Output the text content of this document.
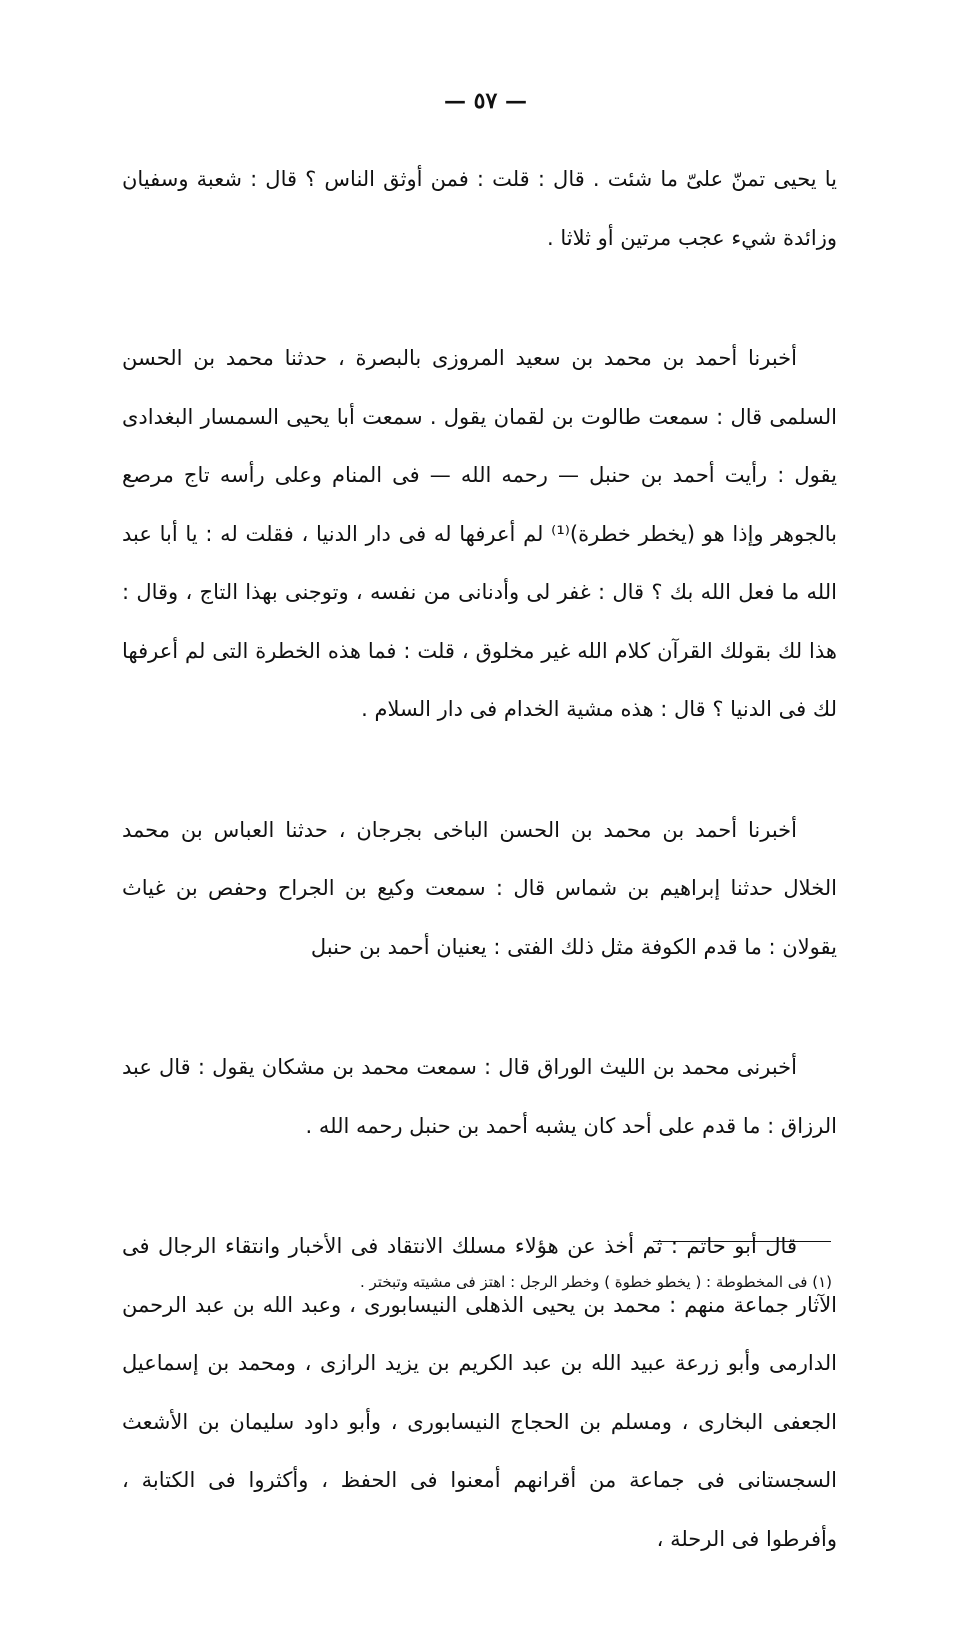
— ٥٧ —

يا يحيى تمنّ علىّ ما شئت . قال : قلت : فمن أوثق الناس ؟ قال : شعبة وسفيان وزائدة شيء عجب مرتين أو ثلاثا .

أخبرنا أحمد بن محمد بن سعيد المروزى بالبصرة ، حدثنا محمد بن الحسن السلمى قال : سمعت طالوت بن لقمان يقول . سمعت أبا يحيى السمسار البغدادى يقول : رأيت أحمد بن حنبل — رحمه الله — فى المنام وعلى رأسه تاج مرصع بالجوهر وإذا هو (يخطر خطرة)⁽¹⁾ لم أعرفها له فى دار الدنيا ، فقلت له : يا أبا عبد الله ما فعل الله بك ؟ قال : غفر لى وأدنانى من نفسه ، وتوجنى بهذا التاج ، وقال : هذا لك بقولك القرآن كلام الله غير مخلوق ، قلت : فما هذه الخطرة التى لم أعرفها لك فى الدنيا ؟ قال : هذه مشية الخدام فى دار السلام .

أخبرنا أحمد بن محمد بن الحسن الباخى بجرجان ، حدثنا العباس بن محمد الخلال حدثنا إبراهيم بن شماس قال : سمعت وكيع بن الجراح وحفص بن غياث يقولان : ما قدم الكوفة مثل ذلك الفتى : يعنيان أحمد بن حنبل

أخبرنى محمد بن الليث الوراق قال : سمعت محمد بن مشكان يقول : قال عبد الرزاق : ما قدم على أحد كان يشبه أحمد بن حنبل رحمه الله .

قال أبو حاتم : ثم أخذ عن هؤلاء مسلك الانتقاد فى الأخبار وانتقاء الرجال فى الآثار جماعة منهم : محمد بن يحيى الذهلى النيسابورى ، وعبد الله بن عبد الرحمن الدارمى وأبو زرعة عبيد الله بن عبد الكريم بن يزيد الرازى ، ومحمد بن إسماعيل الجعفى البخارى ، ومسلم بن الحجاج النيسابورى ، وأبو داود سليمان بن الأشعث السجستانى فى جماعة من أقرانهم أمعنوا فى الحفظ ، وأكثروا فى الكتابة ، وأفرطوا فى الرحلة ،

(١) فى المخطوطة : ( يخطو خطوة ) وخطر الرجل : اهتز فى مشيته وتبختر .
